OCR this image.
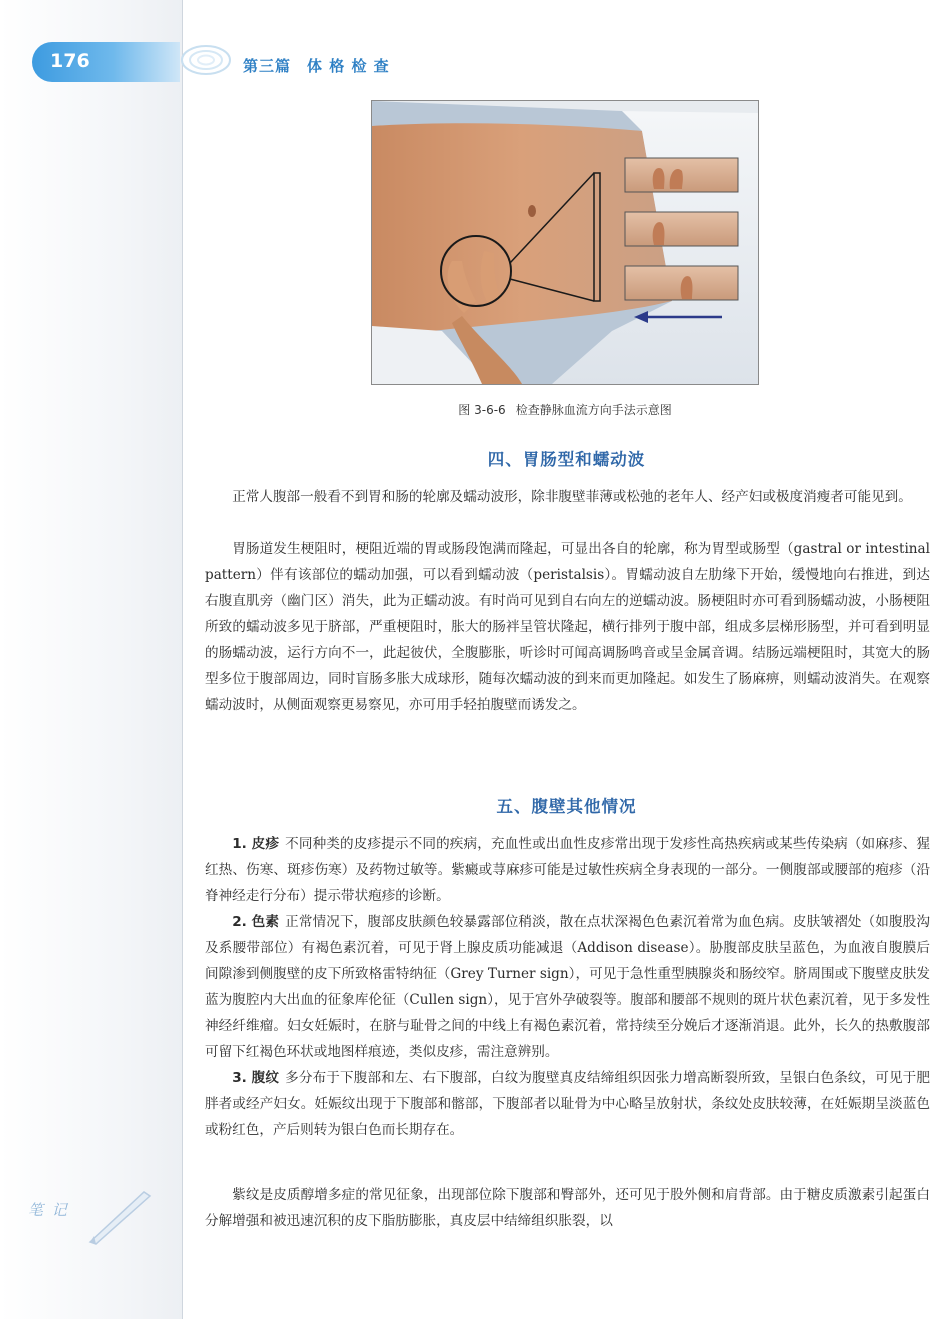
176	第三篇 体 格 检 查
图 3-6-6 检查静脉血流方向手法示意图
四、胃肠型和蠕动波

正常人腹部一般看不到胃和肠的轮廓及蠕动波形，除非腹壁菲薄或松弛的老年人、经产妇或极度消瘦者可能见到。

胃肠道发生梗阻时，梗阻近端的胃或肠段饱满而隆起，可显出各自的轮廓，称为胃型或肠型（gastral or intestinal pattern）伴有该部位的蠕动加强，可以看到蠕动波（peristalsis）。胃蠕动波自左肋缘下开始，缓慢地向右推进，到达右腹直肌旁（幽门区）消失，此为正蠕动波。有时尚可见到自右向左的逆蠕动波。肠梗阻时亦可看到肠蠕动波，小肠梗阻所致的蠕动波多见于脐部，严重梗阻时，胀大的肠袢呈管状隆起，横行排列于腹中部，组成多层梯形肠型，并可看到明显的肠蠕动波，运行方向不一，此起彼伏，全腹膨胀，听诊时可闻高调肠鸣音或呈金属音调。结肠远端梗阻时，其宽大的肠型多位于腹部周边，同时盲肠多胀大成球形，随每次蠕动波的到来而更加隆起。如发生了肠麻痹，则蠕动波消失。在观察蠕动波时，从侧面观察更易察见，亦可用手轻拍腹壁而诱发之。

五、腹壁其他情况

1. 皮疹 不同种类的皮疹提示不同的疾病，充血性或出血性皮疹常出现于发疹性高热疾病或某些传染病（如麻疹、猩红热、伤寒、斑疹伤寒）及药物过敏等。紫癜或荨麻疹可能是过敏性疾病全身表现的一部分。一侧腹部或腰部的疱疹（沿脊神经走行分布）提示带状疱疹的诊断。

2. 色素 正常情况下，腹部皮肤颜色较暴露部位稍淡，散在点状深褐色色素沉着常为血色病。皮肤皱褶处（如腹股沟及系腰带部位）有褐色素沉着，可见于肾上腺皮质功能减退（Addison disease）。胁腹部皮肤呈蓝色，为血液自腹膜后间隙渗到侧腹壁的皮下所致格雷特纳征（Grey Turner sign），可见于急性重型胰腺炎和肠绞窄。脐周围或下腹壁皮肤发蓝为腹腔内大出血的征象库伦征（Cullen sign），见于宫外孕破裂等。腹部和腰部不规则的斑片状色素沉着，见于多发性神经纤维瘤。妇女妊娠时，在脐与耻骨之间的中线上有褐色素沉着，常持续至分娩后才逐渐消退。此外，长久的热敷腹部可留下红褐色环状或地图样痕迹，类似皮疹，需注意辨别。

3. 腹纹 多分布于下腹部和左、右下腹部，白纹为腹壁真皮结缔组织因张力增高断裂所致，呈银白色条纹，可见于肥胖者或经产妇女。妊娠纹出现于下腹部和髂部，下腹部者以耻骨为中心略呈放射状，条纹处皮肤较薄，在妊娠期呈淡蓝色或粉红色，产后则转为银白色而长期存在。

紫纹是皮质醇增多症的常见征象，出现部位除下腹部和臀部外，还可见于股外侧和肩背部。由于糖皮质激素引起蛋白分解增强和被迅速沉积的皮下脂肪膨胀，真皮层中结缔组织胀裂，以

笔 记
